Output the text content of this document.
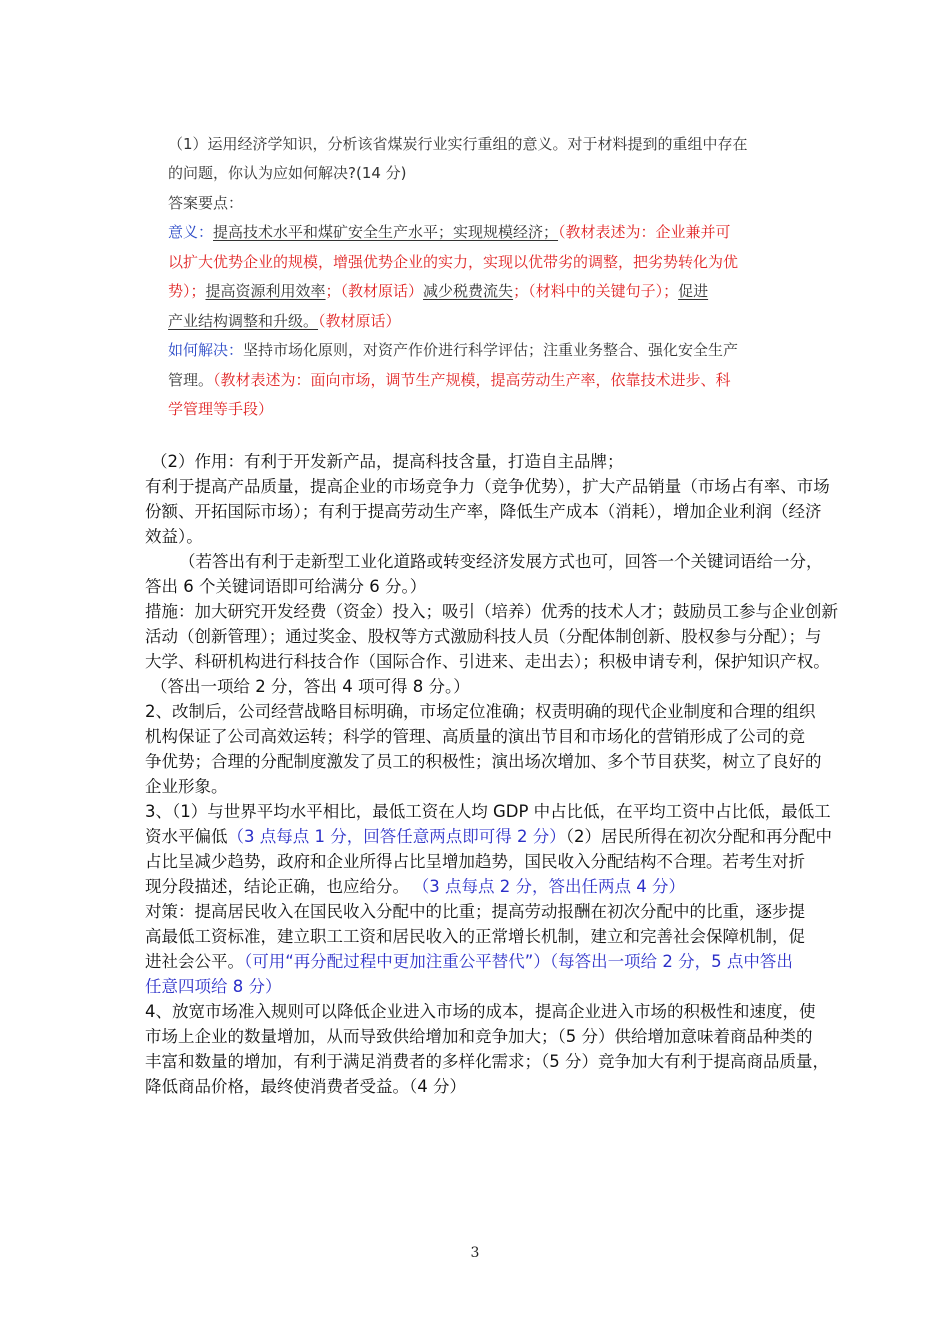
（1）运用经济学知识，分析该省煤炭行业实行重组的意义。对于材料提到的重组中存在
的问题，你认为应如何解决?(14 分)
答案要点：
意义：提高技术水平和煤矿安全生产水平；实现规模经济；（教材表述为：企业兼并可
以扩大优势企业的规模，增强优势企业的实力，实现以优带劣的调整，把劣势转化为优
势）；提高资源利用效率；（教材原话）减少税费流失；（材料中的关键句子）；促进
产业结构调整和升级。（教材原话）
如何解决：坚持市场化原则，对资产作价进行科学评估；注重业务整合、强化安全生产
管理。（教材表述为：面向市场，调节生产规模，提高劳动生产率，依靠技术进步、科
学管理等手段）
（2）作用：有利于开发新产品，提高科技含量，打造自主品牌；
有利于提高产品质量，提高企业的市场竞争力（竞争优势），扩大产品销量（市场占有率、市场
份额、开拓国际市场）；有利于提高劳动生产率，降低生产成本（消耗），增加企业利润（经济
效益）。
（若答出有利于走新型工业化道路或转变经济发展方式也可，回答一个关键词语给一分，
答出 6 个关键词语即可给满分 6 分。）
措施：加大研究开发经费（资金）投入；吸引（培养）优秀的技术人才；鼓励员工参与企业创新
活动（创新管理）；通过奖金、股权等方式激励科技人员（分配体制创新、股权参与分配）；与
大学、科研机构进行科技合作（国际合作、引进来、走出去）；积极申请专利，保护知识产权。
（答出一项给 2 分，答出 4 项可得 8 分。）
2、改制后，公司经营战略目标明确，市场定位准确；权责明确的现代企业制度和合理的组织
机构保证了公司高效运转；科学的管理、高质量的演出节目和市场化的营销形成了公司的竞
争优势；合理的分配制度激发了员工的积极性；演出场次增加、多个节目获奖，树立了良好的
企业形象。
3、（1）与世界平均水平相比，最低工资在人均 GDP 中占比低，在平均工资中占比低，最低工
资水平偏低（3 点每点 1 分，回答任意两点即可得 2 分）（2）居民所得在初次分配和再分配中
占比呈减少趋势，政府和企业所得占比呈增加趋势，国民收入分配结构不合理。若考生对折
现分段描述，结论正确，也应给分。 （3 点每点 2 分，答出任两点 4 分）
对策：提高居民收入在国民收入分配中的比重；提高劳动报酬在初次分配中的比重，逐步提
高最低工资标准，建立职工工资和居民收入的正常增长机制，建立和完善社会保障机制，促
进社会公平。（可用“再分配过程中更加注重公平替代”）（每答出一项给 2 分，5 点中答出
任意四项给 8 分）
4、放宽市场准入规则可以降低企业进入市场的成本，提高企业进入市场的积极性和速度，使
市场上企业的数量增加，从而导致供给增加和竞争加大；（5 分）供给增加意味着商品种类的
丰富和数量的增加，有利于满足消费者的多样化需求；（5 分）竞争加大有利于提高商品质量，
降低商品价格，最终使消费者受益。（4 分）
3
